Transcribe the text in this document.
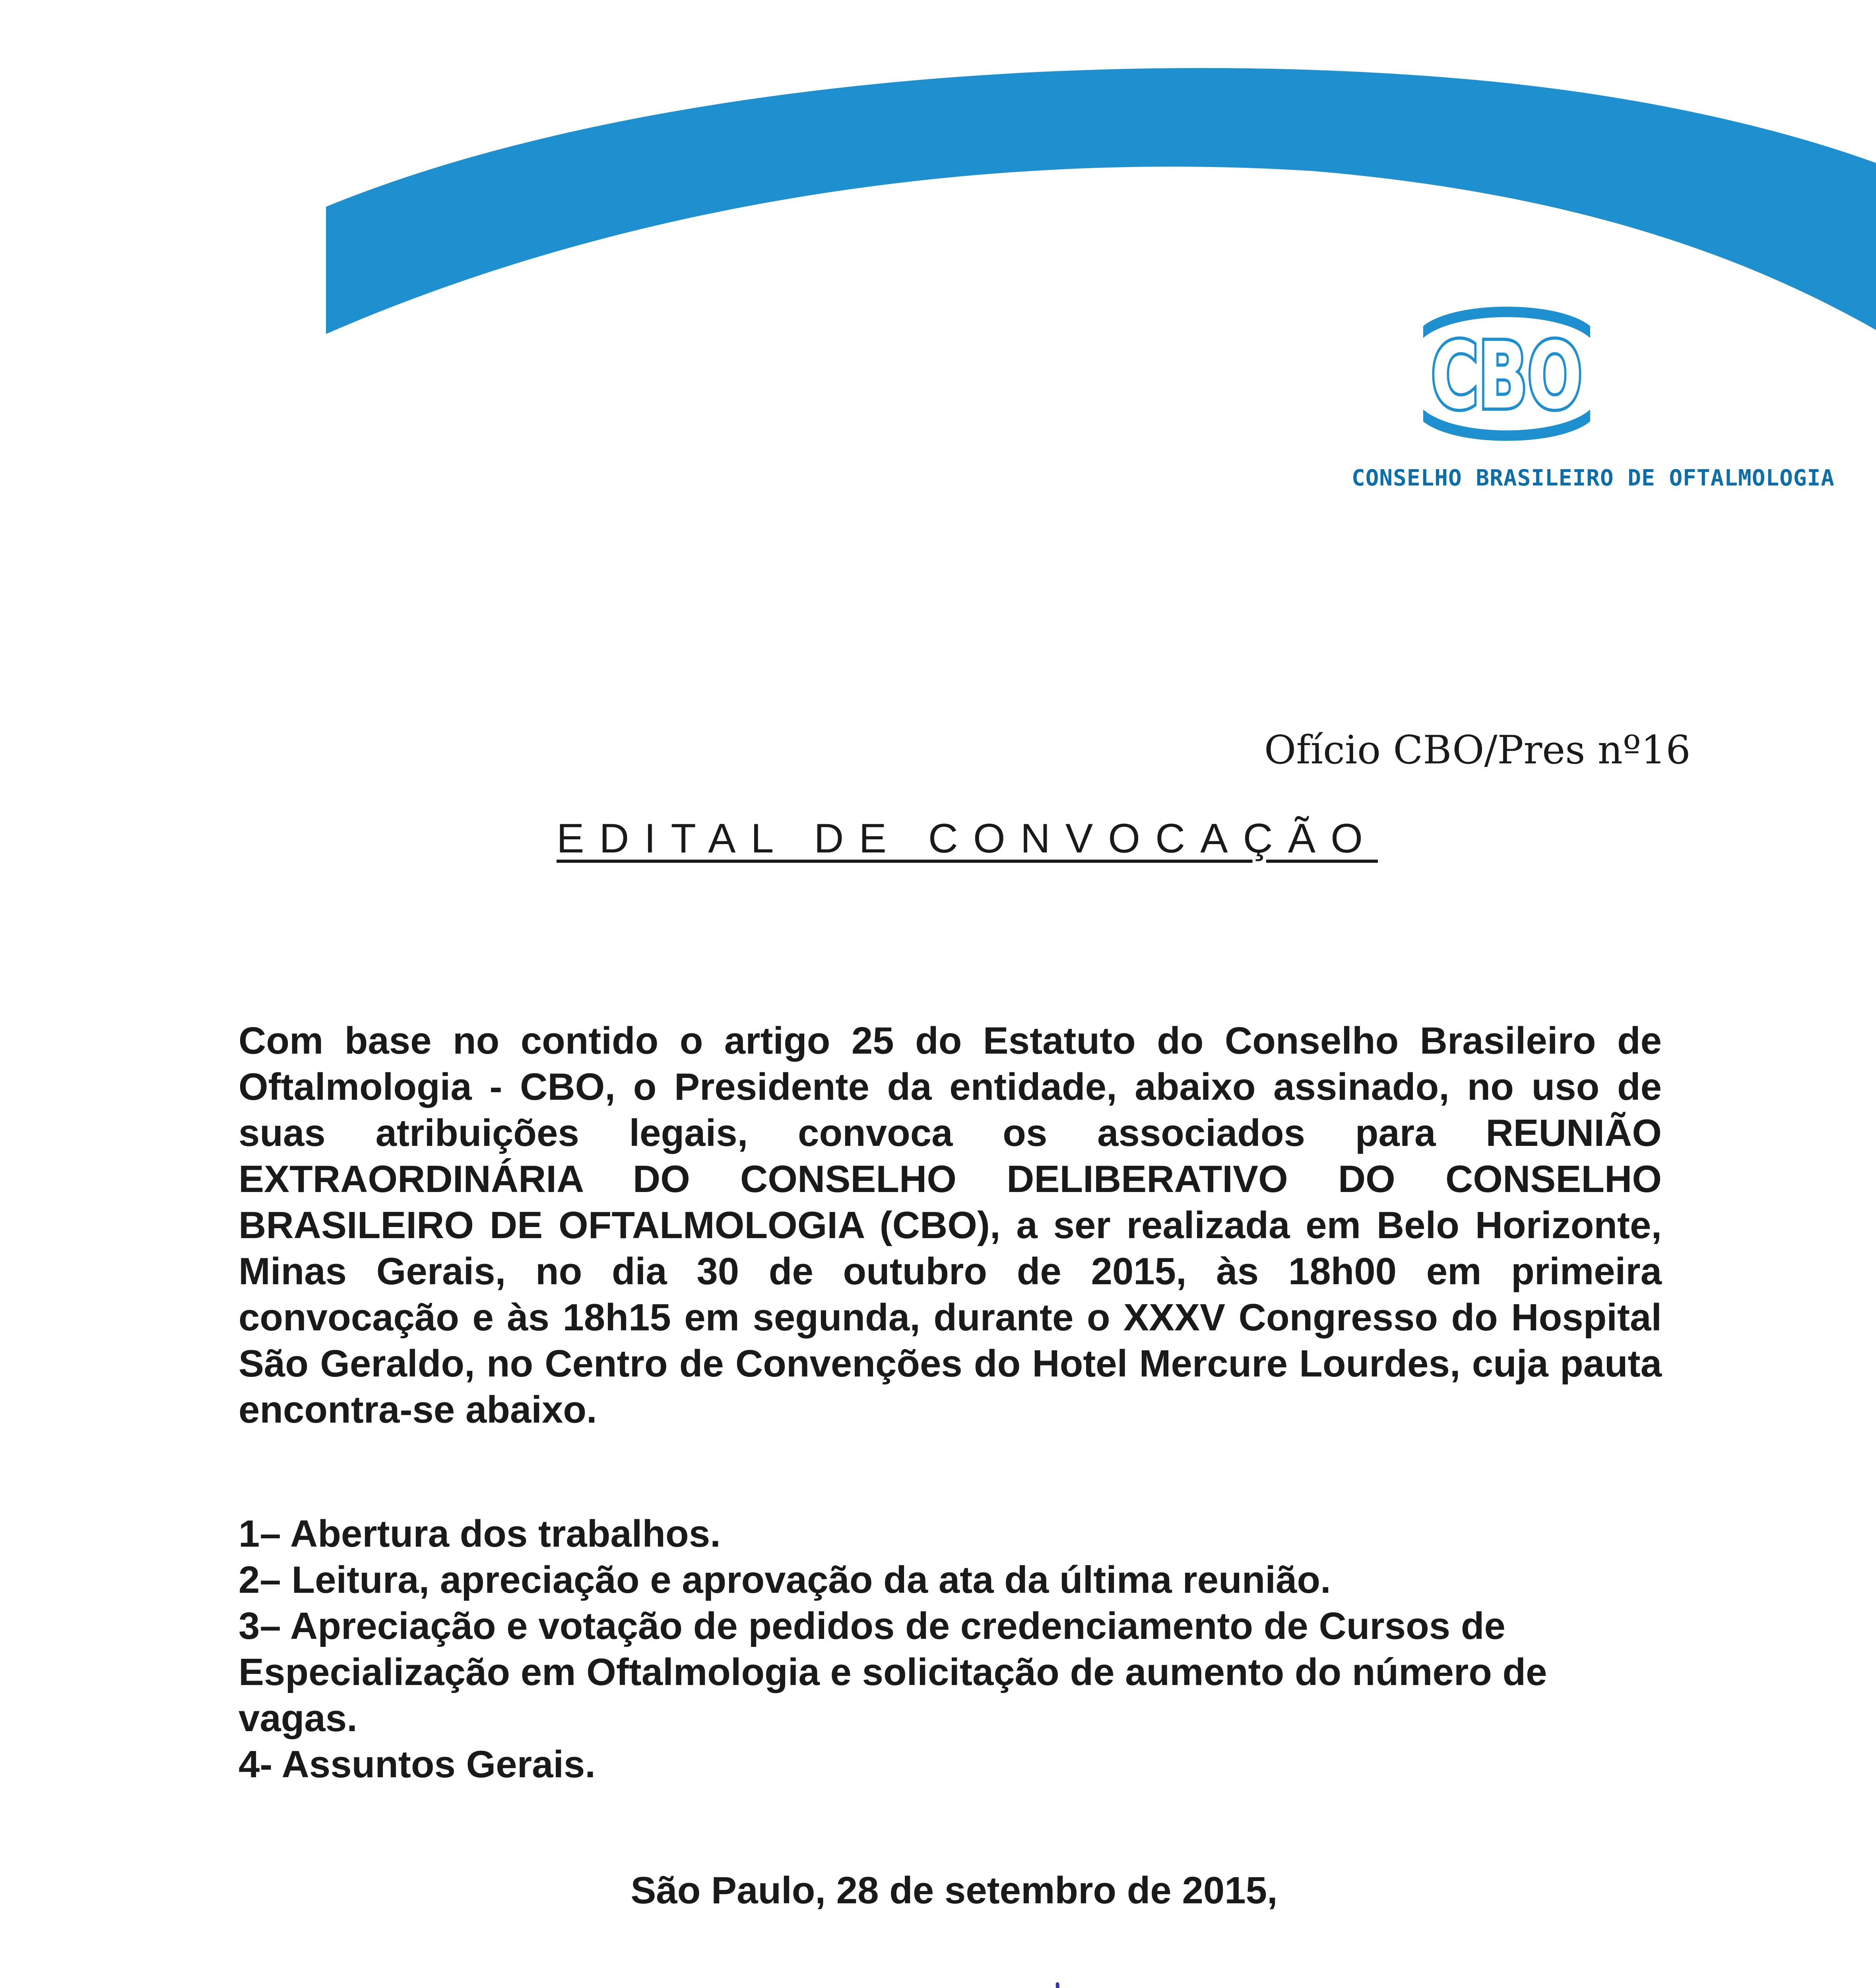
CBO
CONSELHO BRASILEIRO DE OFTALMOLOGIA
Ofício CBO/Pres nº16
EDITAL DE CONVOCAÇÃO
Com base no contido o artigo 25 do Estatuto do Conselho Brasileiro de Oftalmologia - CBO, o Presidente da entidade, abaixo assinado, no uso de suas atribuições legais, convoca os associados para REUNIÃO EXTRAORDINÁRIA DO CONSELHO DELIBERATIVO DO CONSELHO BRASILEIRO DE OFTALMOLOGIA (CBO), a ser realizada em Belo Horizonte, Minas Gerais, no dia 30 de outubro de 2015, às 18h00 em primeira convocação e às 18h15 em segunda, durante o XXXV Congresso do Hospital São Geraldo, no Centro de Convenções do Hotel Mercure Lourdes, cuja pauta encontra-se abaixo.
1– Abertura dos trabalhos.
2– Leitura, apreciação e aprovação da ata da última reunião.
3– Apreciação e votação de pedidos de credenciamento de Cursos de Especialização em Oftalmologia e solicitação de aumento do número de vagas.
4- Assuntos Gerais.
São Paulo, 28 de setembro de 2015,
